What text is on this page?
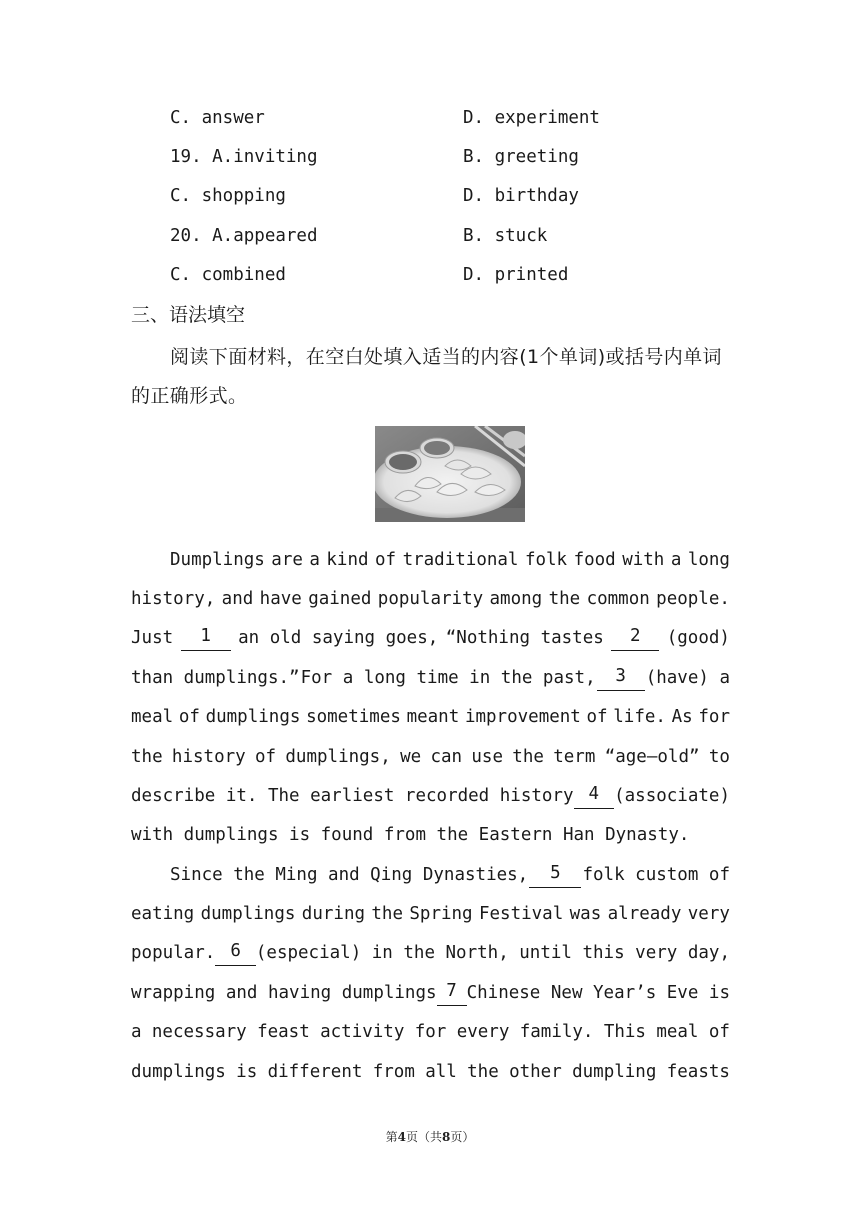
C. answer	D. experiment
19. A.inviting	B. greeting
C. shopping	D. birthday
20. A.appeared	B. stuck
C. combined	D. printed
三、语法填空
阅读下面材料，在空白处填入适当的内容(1个单词)或括号内单词的正确形式。
Dumplings are a kind of traditional folk food with a long
history, and have gained popularity among the common people.
Just	1	an old saying goes, “Nothing tastes	2	(good)
than dumplings.” For a long time in the past,	3	(have) a
meal of dumplings sometimes meant improvement of life. As for
the history of dumplings, we can use the term “age—old” to
describe it. The earliest recorded history 4 (associate)
with dumplings is found from the Eastern Han Dynasty.
Since the Ming and Qing Dynasties,	5	folk custom of
eating dumplings during the Spring Festival was already very
popular. 6 (especial) in the North, until this very day,
wrapping and having dumplings 7 Chinese New Year’s Eve is
a necessary feast activity for every family. This meal of
dumplings is different from all the other dumpling feasts
第4页（共8页）
